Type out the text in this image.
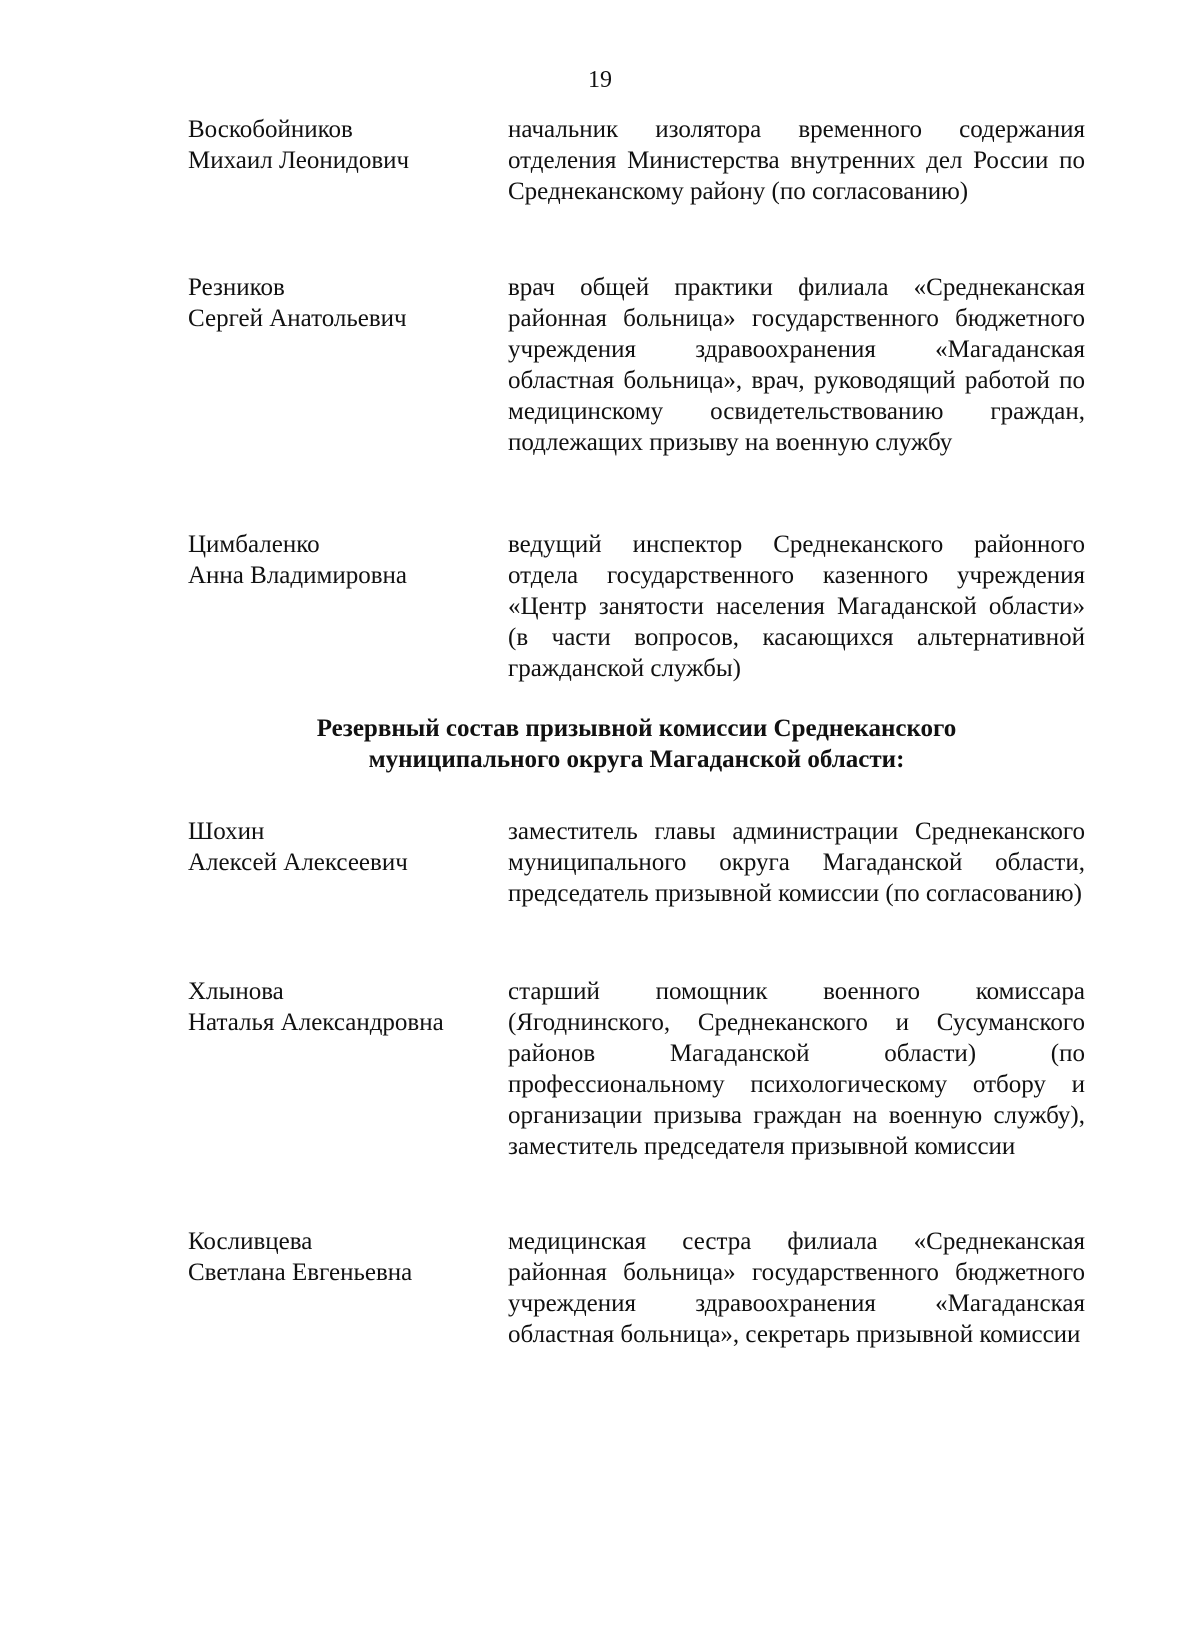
19
Воскобойников
Михаил Леонидович
начальник изолятора временного содержания отделения Министерства внутренних дел России по Среднеканскому району (по согласованию)
Резников
Сергей Анатольевич
врач общей практики филиала «Среднеканская районная больница» государственного бюджетного учреждения здравоохранения «Магаданская областная больница», врач, руководящий работой по медицинскому освидетельствованию граждан, подлежащих призыву на военную службу
Цимбаленко
Анна Владимировна
ведущий инспектор Среднеканского районного отдела государственного казенного учреждения «Центр занятости населения Магаданской области» (в части вопросов, касающихся альтернативной гражданской службы)
Резервный состав призывной комиссии Среднеканского
муниципального округа Магаданской области:
Шохин
Алексей Алексеевич
заместитель главы администрации Среднеканского муниципального округа Магаданской области, председатель призывной комиссии (по согласованию)
Хлынова
Наталья Александровна
старший помощник военного комиссара (Ягоднинского, Среднеканского и Сусуманского районов Магаданской области) (по профессиональному психологическому отбору и организации призыва граждан на военную службу), заместитель председателя призывной комиссии
Косливцева
Светлана Евгеньевна
медицинская сестра филиала «Среднеканская районная больница» государственного бюджетного учреждения здравоохранения «Магаданская областная больница», секретарь призывной комиссии
